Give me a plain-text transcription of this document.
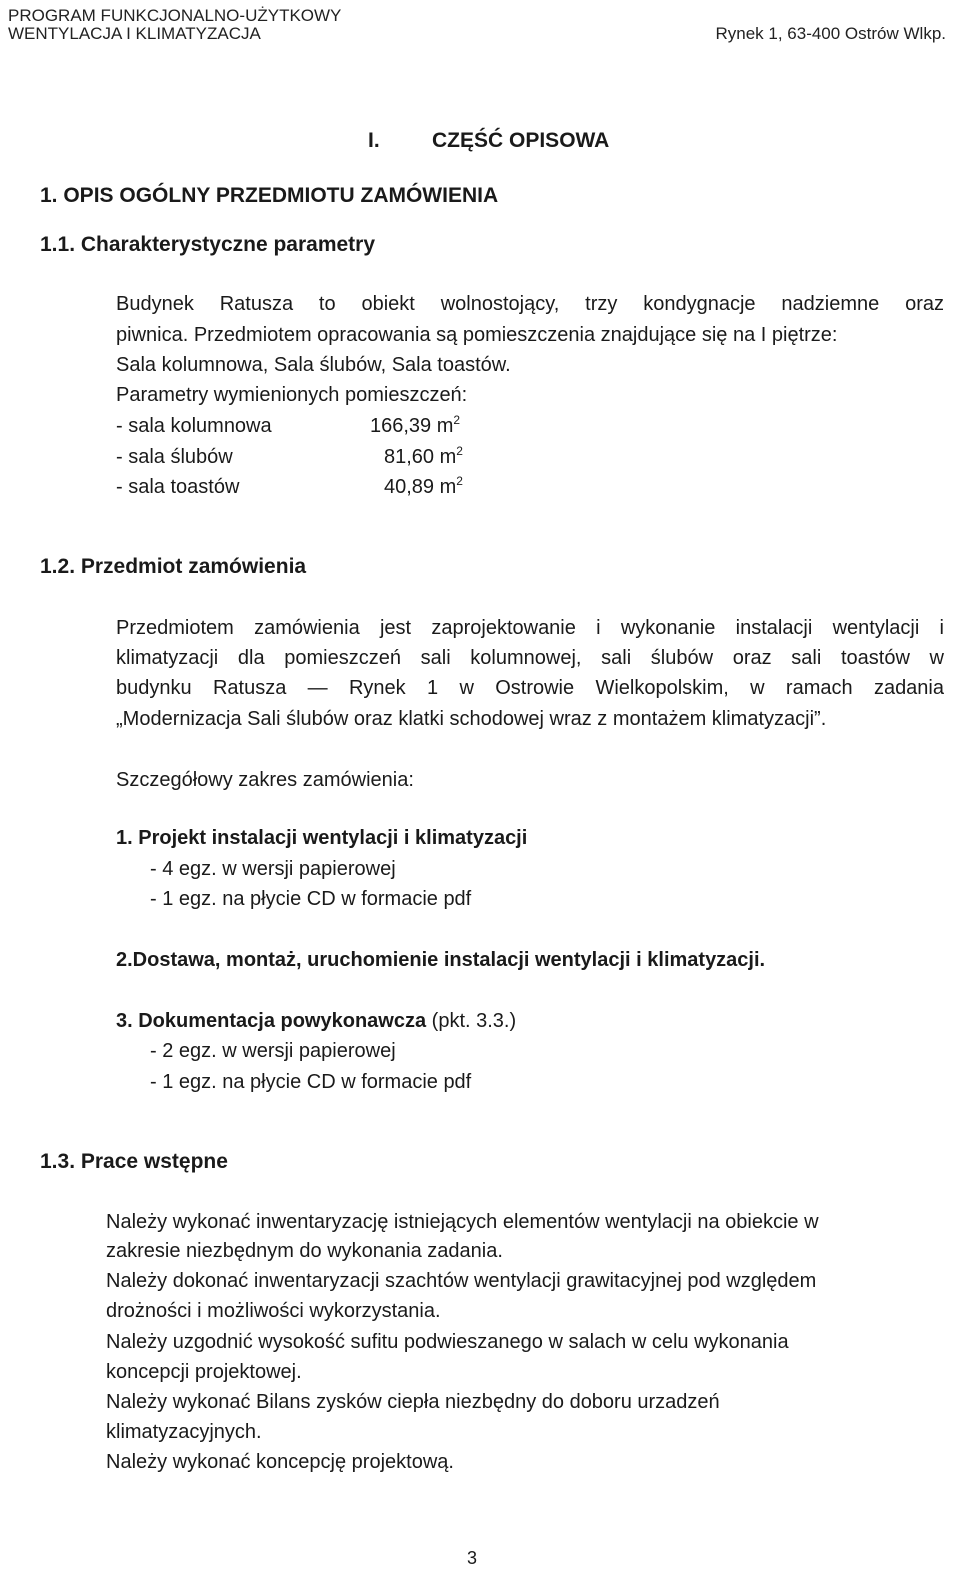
PROGRAM FUNKCJONALNO-UŻYTKOWY
WENTYLACJA I KLIMATYZACJA	Rynek 1, 63-400 Ostrów Wlkp.
I. CZĘŚĆ OPISOWA
1. OPIS OGÓLNY PRZEDMIOTU ZAMÓWIENIA
1.1. Charakterystyczne parametry
Budynek Ratusza to obiekt wolnostojący, trzy kondygnacje nadziemne oraz
piwnica. Przedmiotem opracowania są pomieszczenia znajdujące się na I piętrze:
Sala kolumnowa, Sala ślubów, Sala toastów.
Parametry wymienionych pomieszczeń:
- sala kolumnowa	166,39 $m^2$
- sala ślubów	81,60 $m^2$
- sala toastów	40,89 $m^2$
1.2. Przedmiot zamówienia
Przedmiotem zamówienia jest zaprojektowanie i wykonanie instalacji wentylacji i
klimatyzacji dla pomieszczeń sali kolumnowej, sali ślubów oraz sali toastów w
budynku Ratusza — Rynek 1 w Ostrowie Wielkopolskim, w ramach zadania
„Modernizacja Sali ślubów oraz klatki schodowej wraz z montażem klimatyzacji”.
Szczegółowy zakres zamówienia:
1. Projekt instalacji wentylacji i klimatyzacji
- 4 egz. w wersji papierowej
- 1 egz. na płycie CD w formacie pdf
2.Dostawa, montaż, uruchomienie instalacji wentylacji i klimatyzacji.
3. Dokumentacja powykonawcza (pkt. 3.3.)
- 2 egz. w wersji papierowej
- 1 egz. na płycie CD w formacie pdf
1.3. Prace wstępne
Należy wykonać inwentaryzację istniejących elementów wentylacji na obiekcie w
zakresie niezbędnym do wykonania zadania.
Należy dokonać inwentaryzacji szachtów wentylacji grawitacyjnej pod względem
drożności i możliwości wykorzystania.
Należy uzgodnić wysokość sufitu podwieszanego w salach w celu wykonania
koncepcji projektowej.
Należy wykonać Bilans zysków ciepła niezbędny do doboru urzadzeń
klimatyzacyjnych.
Należy wykonać koncepcję projektową.
3
